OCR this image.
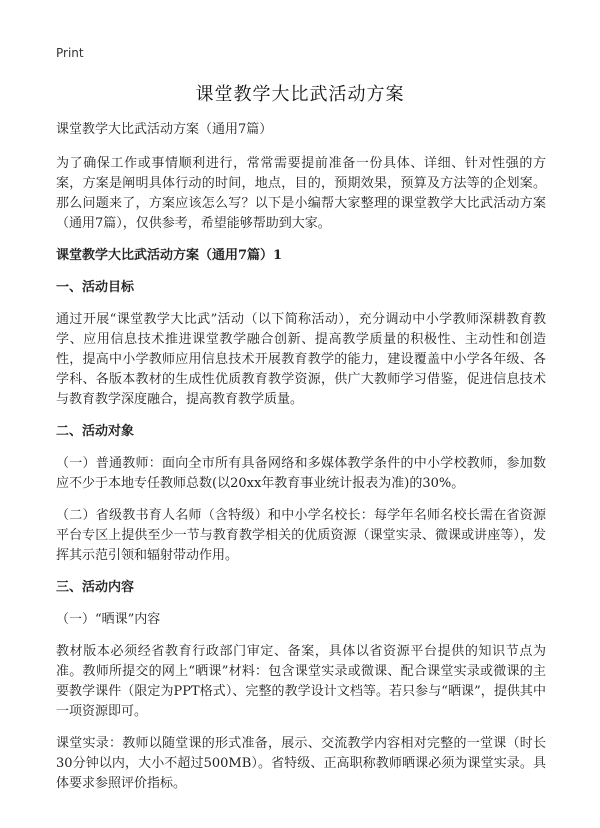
Print
课堂教学大比武活动方案

课堂教学大比武活动方案（通用7篇）

为了确保工作或事情顺利进行，常常需要提前准备一份具体、详细、针对性强的方案，方案是阐明具体行动的时间，地点，目的，预期效果，预算及方法等的企划案。那么问题来了，方案应该怎么写？以下是小编帮大家整理的课堂教学大比武活动方案（通用7篇），仅供参考，希望能够帮助到大家。

课堂教学大比武活动方案（通用7篇）1

一、活动目标

通过开展“课堂教学大比武”活动（以下简称活动），充分调动中小学教师深耕教育教学、应用信息技术推进课堂教学融合创新、提高教学质量的积极性、主动性和创造性，提高中小学教师应用信息技术开展教育教学的能力，建设覆盖中小学各年级、各学科、各版本教材的生成性优质教育教学资源，供广大教师学习借鉴，促进信息技术与教育教学深度融合，提高教育教学质量。

二、活动对象

（一）普通教师：面向全市所有具备网络和多媒体教学条件的中小学校教师，参加数应不少于本地专任教师总数(以20xx年教育事业统计报表为准)的30%。

（二）省级教书育人名师（含特级）和中小学名校长：每学年名师名校长需在省资源平台专区上提供至少一节与教育教学相关的优质资源（课堂实录、微课或讲座等），发挥其示范引领和辐射带动作用。

三、活动内容

（一）“晒课”内容

教材版本必须经省教育行政部门审定、备案，具体以省资源平台提供的知识节点为准。教师所提交的网上“晒课”材料：包含课堂实录或微课、配合课堂实录或微课的主要教学课件（限定为PPT格式）、完整的教学设计文档等。若只参与“晒课”，提供其中一项资源即可。

课堂实录：教师以随堂课的形式准备，展示、交流教学内容相对完整的一堂课（时长30分钟以内，大小不超过500MB）。省特级、正高职称教师晒课必须为课堂实录。具体要求参照评价指标。
